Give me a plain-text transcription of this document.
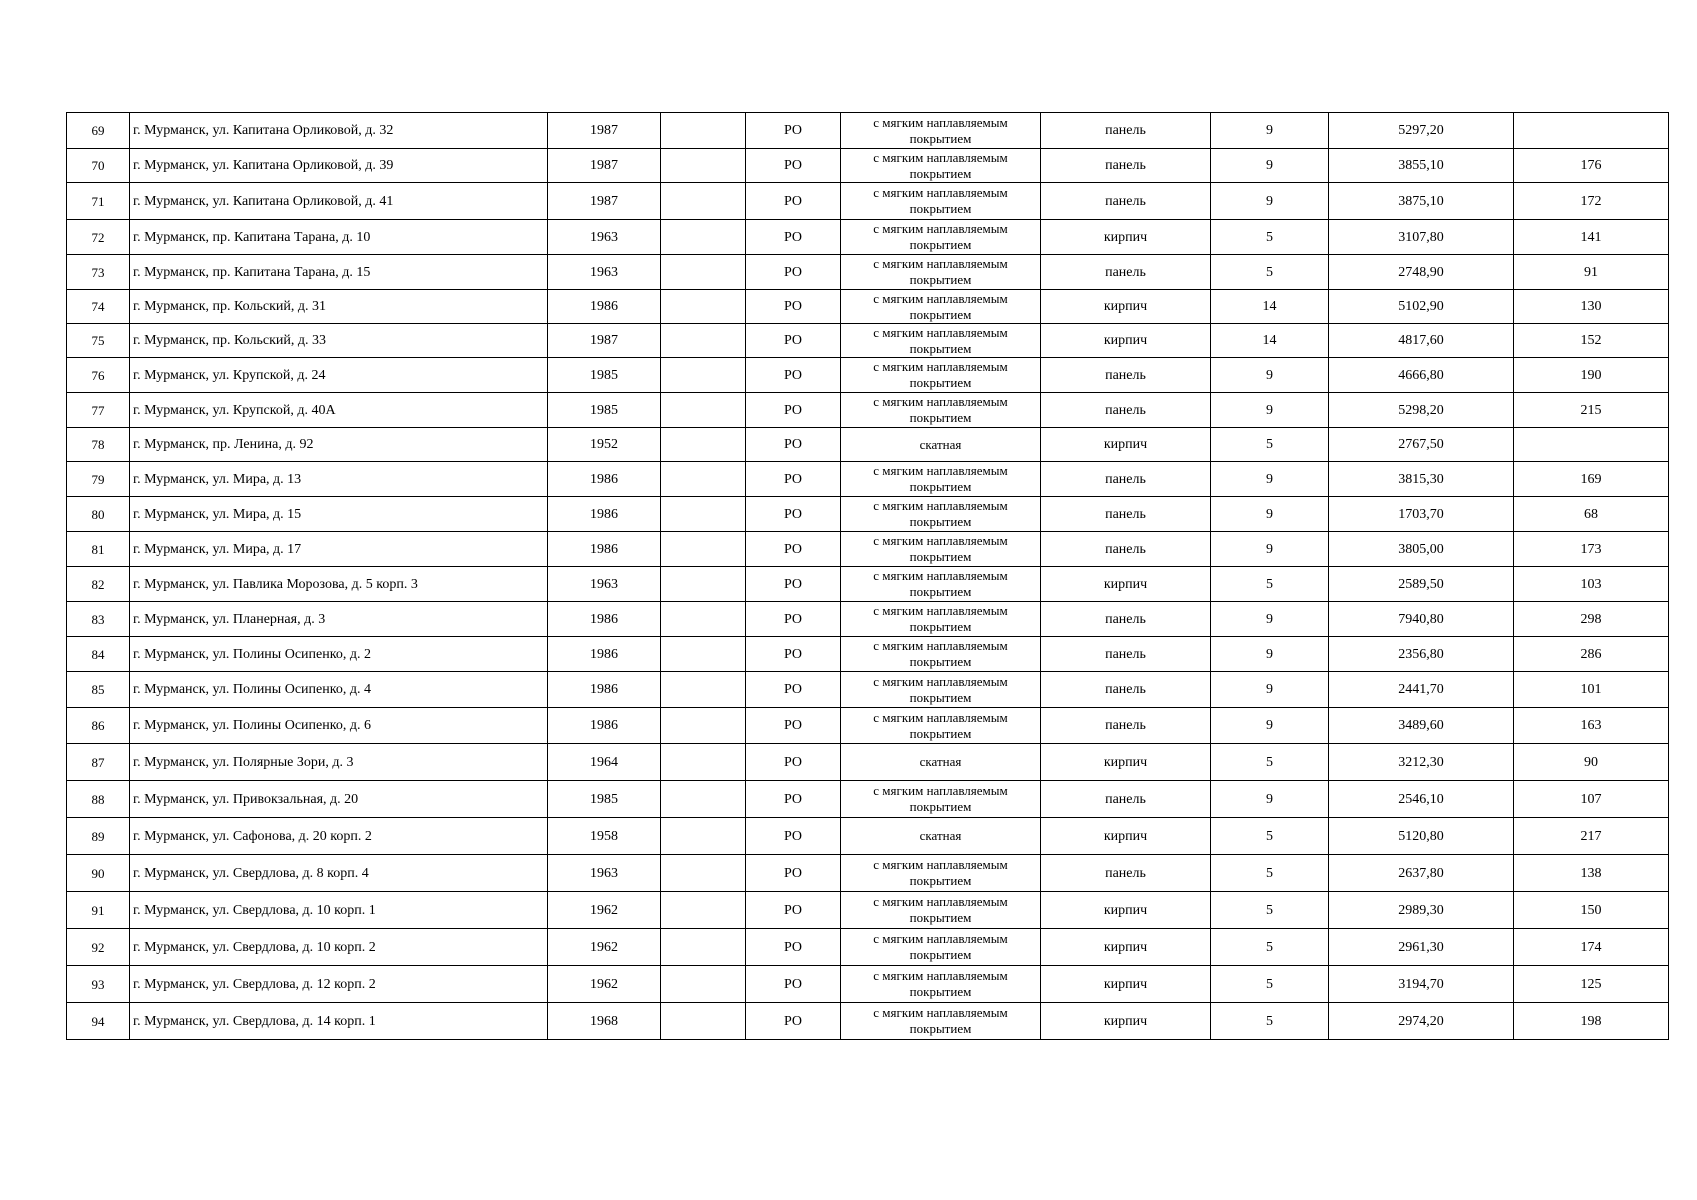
69	г. Мурманск, ул. Капитана Орликовой, д. 32	1987		РО	с мягким наплавляемым покрытием	панель	9	5297,20	
70	г. Мурманск, ул. Капитана Орликовой, д. 39	1987		РО	с мягким наплавляемым покрытием	панель	9	3855,10	176
71	г. Мурманск, ул. Капитана Орликовой, д. 41	1987		РО	с мягким наплавляемым покрытием	панель	9	3875,10	172
72	г. Мурманск, пр. Капитана Тарана, д. 10	1963		РО	с мягким наплавляемым покрытием	кирпич	5	3107,80	141
73	г. Мурманск, пр. Капитана Тарана, д. 15	1963		РО	с мягким наплавляемым покрытием	панель	5	2748,90	91
74	г. Мурманск, пр. Кольский, д. 31	1986		РО	с мягким наплавляемым покрытием	кирпич	14	5102,90	130
75	г. Мурманск, пр. Кольский, д. 33	1987		РО	с мягким наплавляемым покрытием	кирпич	14	4817,60	152
76	г. Мурманск, ул. Крупской, д. 24	1985		РО	с мягким наплавляемым покрытием	панель	9	4666,80	190
77	г. Мурманск, ул. Крупской, д. 40А	1985		РО	с мягким наплавляемым покрытием	панель	9	5298,20	215
78	г. Мурманск, пр. Ленина, д. 92	1952		РО	скатная	кирпич	5	2767,50	
79	г. Мурманск, ул. Мира, д. 13	1986		РО	с мягким наплавляемым покрытием	панель	9	3815,30	169
80	г. Мурманск, ул. Мира, д. 15	1986		РО	с мягким наплавляемым покрытием	панель	9	1703,70	68
81	г. Мурманск, ул. Мира, д. 17	1986		РО	с мягким наплавляемым покрытием	панель	9	3805,00	173
82	г. Мурманск, ул. Павлика Морозова, д. 5 корп. 3	1963		РО	с мягким наплавляемым покрытием	кирпич	5	2589,50	103
83	г. Мурманск, ул. Планерная, д. 3	1986		РО	с мягким наплавляемым покрытием	панель	9	7940,80	298
84	г. Мурманск, ул. Полины Осипенко, д. 2	1986		РО	с мягким наплавляемым покрытием	панель	9	2356,80	286
85	г. Мурманск, ул. Полины Осипенко, д. 4	1986		РО	с мягким наплавляемым покрытием	панель	9	2441,70	101
86	г. Мурманск, ул. Полины Осипенко, д. 6	1986		РО	с мягким наплавляемым покрытием	панель	9	3489,60	163
87	г. Мурманск, ул. Полярные Зори, д. 3	1964		РО	скатная	кирпич	5	3212,30	90
88	г. Мурманск, ул. Привокзальная, д. 20	1985		РО	с мягким наплавляемым покрытием	панель	9	2546,10	107
89	г. Мурманск, ул. Сафонова, д. 20 корп. 2	1958		РО	скатная	кирпич	5	5120,80	217
90	г. Мурманск, ул. Свердлова, д. 8 корп. 4	1963		РО	с мягким наплавляемым покрытием	панель	5	2637,80	138
91	г. Мурманск, ул. Свердлова, д. 10 корп. 1	1962		РО	с мягким наплавляемым покрытием	кирпич	5	2989,30	150
92	г. Мурманск, ул. Свердлова, д. 10 корп. 2	1962		РО	с мягким наплавляемым покрытием	кирпич	5	2961,30	174
93	г. Мурманск, ул. Свердлова, д. 12 корп. 2	1962		РО	с мягким наплавляемым покрытием	кирпич	5	3194,70	125
94	г. Мурманск, ул. Свердлова, д. 14 корп. 1	1968		РО	с мягким наплавляемым покрытием	кирпич	5	2974,20	198
